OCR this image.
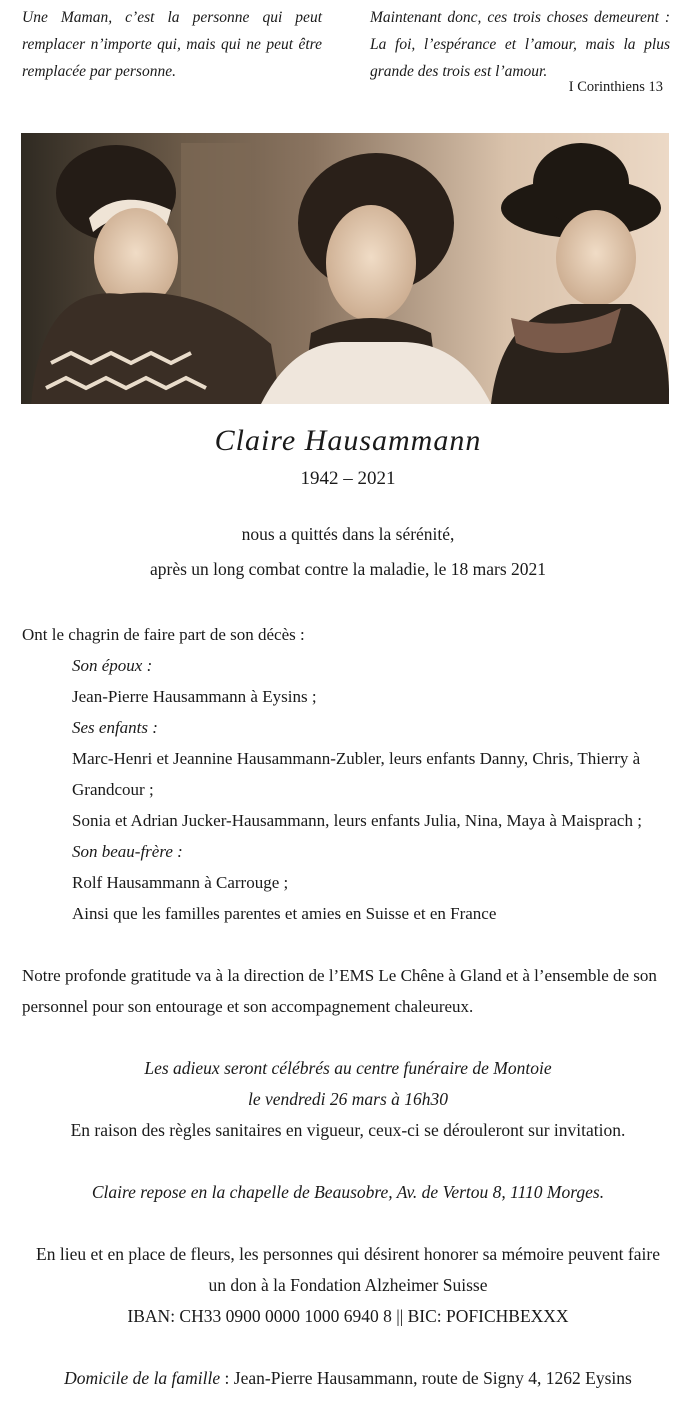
Une Maman, c’est la personne qui peut remplacer n’importe qui, mais qui ne peut être remplacée par personne.
Maintenant donc, ces trois choses demeurent : La foi, l’espérance et l’amour, mais la plus grande des trois est l’amour.
I Corinthiens 13
Claire Hausammann
1942 – 2021
nous a quittés dans la sérénité,
après un long combat contre la maladie, le 18 mars 2021
Ont le chagrin de faire part de son décès :
Son époux :
Jean-Pierre Hausammann à Eysins ;
Ses enfants :
Marc-Henri et Jeannine Hausammann-Zubler, leurs enfants Danny, Chris, Thierry à
Grandcour ;
Sonia et Adrian Jucker-Hausammann, leurs enfants Julia, Nina, Maya à Maisprach ;
Son beau-frère :
Rolf Hausammann à Carrouge ;
Ainsi que les familles parentes et amies en Suisse et en France
Notre profonde gratitude va à la direction de l’EMS Le Chêne à Gland et à l’ensemble de son
personnel pour son entourage et son accompagnement chaleureux.
Les adieux seront célébrés au centre funéraire de Montoie
le vendredi 26 mars à 16h30
En raison des règles sanitaires en vigueur, ceux-ci se dérouleront sur invitation.
Claire repose en la chapelle de Beausobre, Av. de Vertou 8, 1110 Morges.
En lieu et en place de fleurs, les personnes qui désirent honorer sa mémoire peuvent faire
un don à la Fondation Alzheimer Suisse
IBAN: CH33 0900 0000 1000 6940 8 || BIC: POFICHBEXXX
Domicile de la famille : Jean-Pierre Hausammann, route de Signy 4, 1262 Eysins
